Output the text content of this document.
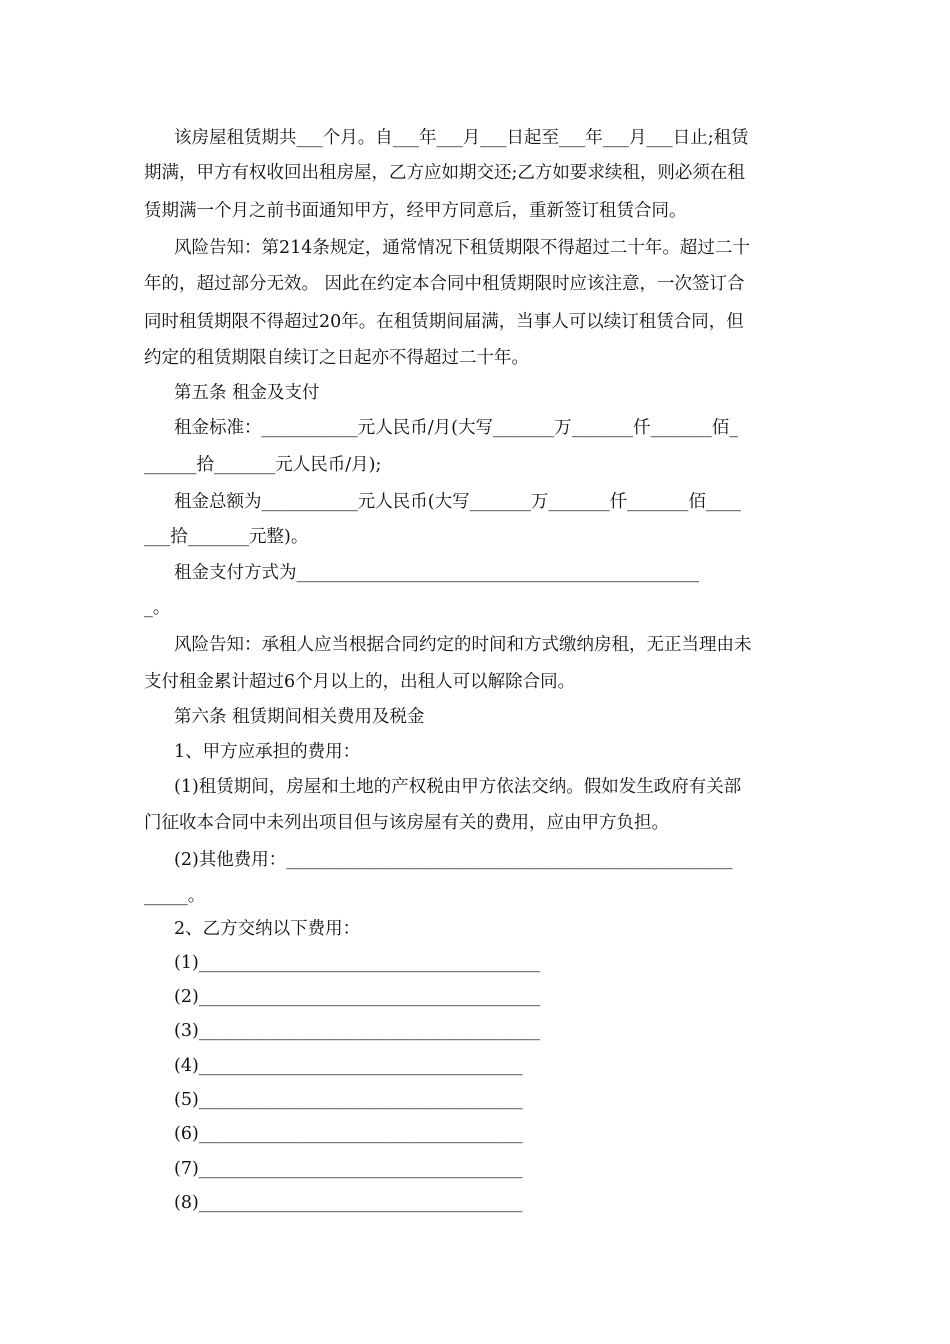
该房屋租赁期共___个月。自___年___月___日起至___年___月___日止;租赁
期满，甲方有权收回出租房屋，乙方应如期交还;乙方如要求续租，则必须在租
赁期满一个月之前书面通知甲方，经甲方同意后，重新签订租赁合同。
风险告知：第214条规定，通常情况下租赁期限不得超过二十年。超过二十
年的，超过部分无效。 因此在约定本合同中租赁期限时应该注意，一次签订合
同时租赁期限不得超过20年。在租赁期间届满，当事人可以续订租赁合同，但
约定的租赁期限自续订之日起亦不得超过二十年。
第五条 租金及支付
租金标准：___________元人民币/月(大写_______万_______仟_______佰_
______拾_______元人民币/月);
租金总额为___________元人民币(大写_______万_______仟_______佰____
___拾_______元整)。
租金支付方式为______________________________________________
_。
风险告知：承租人应当根据合同约定的时间和方式缴纳房租，无正当理由未
支付租金累计超过6个月以上的，出租人可以解除合同。
第六条 租赁期间相关费用及税金
1、甲方应承担的费用：
(1)租赁期间，房屋和土地的产权税由甲方依法交纳。假如发生政府有关部
门征收本合同中未列出项目但与该房屋有关的费用，应由甲方负担。
(2)其他费用：___________________________________________________
_____。
2、乙方交纳以下费用：
(1)_______________________________________
(2)_______________________________________
(3)_______________________________________
(4)_____________________________________
(5)_____________________________________
(6)_____________________________________
(7)_____________________________________
(8)_____________________________________
